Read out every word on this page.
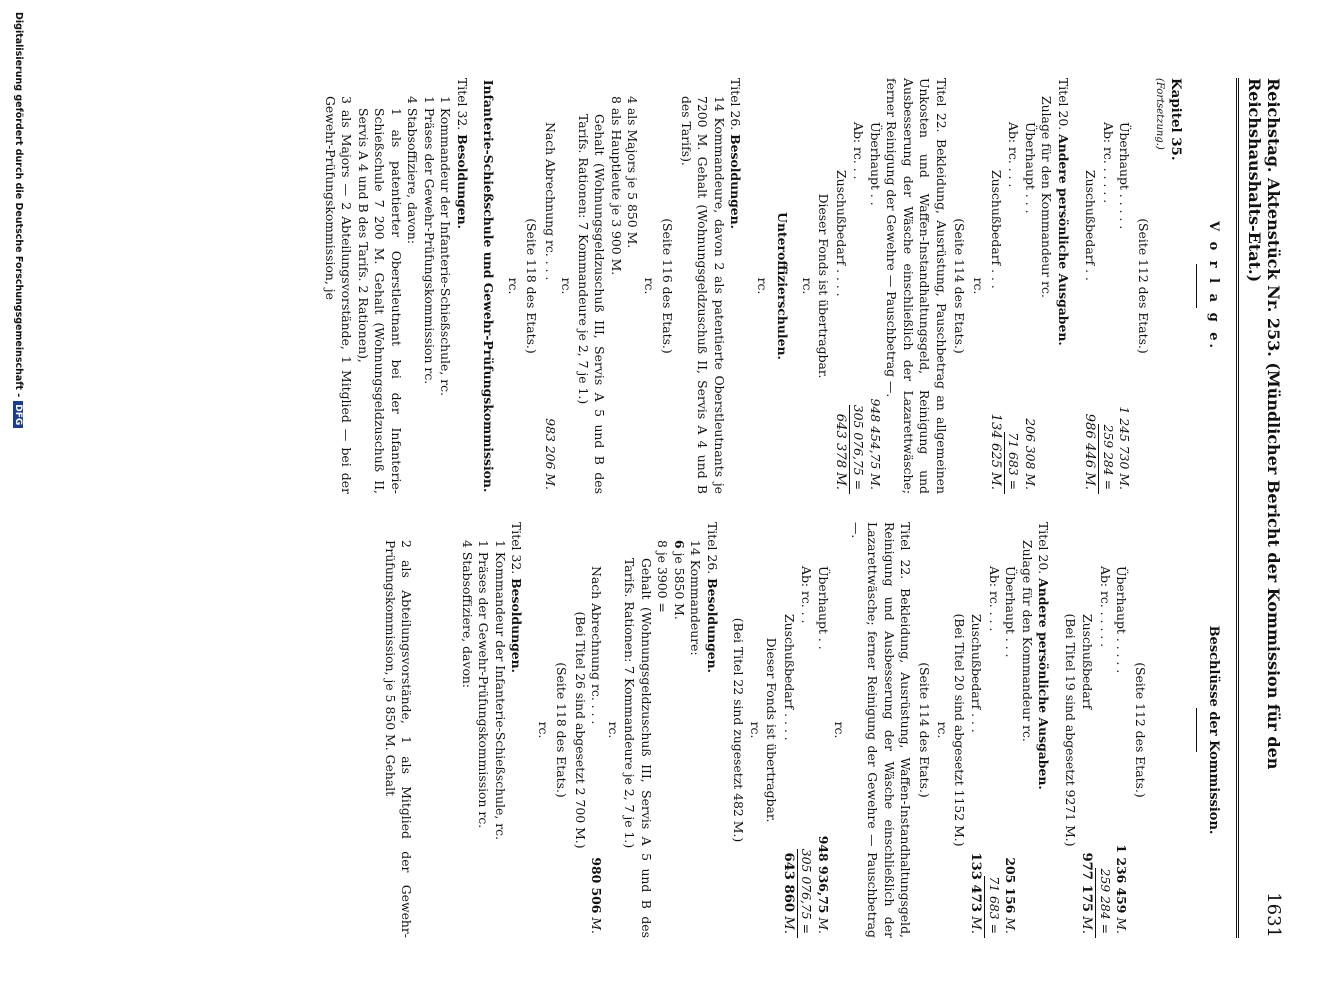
Reichstag. Aktenstück Nr. 253. (Mündlicher Bericht der Kommission für den Reichshaushalts-Etat.)
1631
V o r l a g e.
Kapitel 35.
(Fortsetzung.)
(Seite 112 des Etats.)
Überhaupt . . . . .
1 245 730 M.
Ab: rc. . . . . .
259 284 =
Zuschußbedarf . .
986 446 M.
Titel 20. Andere persönliche Ausgaben.
Zulage für den Kommandeur rc.
Überhaupt . . .
206 308 M.
Ab: rc. . . .
71 683 =
Zuschußbedarf . . .
134 625 M.
rc.
(Seite 114 des Etats.)
Titel 22. Bekleidung, Ausrüstung, Pauschbetrag an allgemeinen Unkosten und Waffen-Instandhaltungsgeld, Reinigung und Ausbesserung der Wäsche einschließlich der Lazarettwäsche; ferner Reinigung der Gewehre — Pauschbetrag —.
Überhaupt . .
948 454,75 M.
Ab: rc. . .
305 076,75 =
Zuschußbedarf . . . .
643 378 M.
Dieser Fonds ist übertragbar.
rc.
Unteroffizierschulen.
rc.
Titel 26. Besoldungen.
14 Kommandeure, davon 2 als patentierte Oberstleutnants je 7200 M. Gehalt (Wohnungsgeldzuschuß II, Servis A 4 und B des Tarifs).
(Seite 116 des Etats.)
rc.
4 als Majors je 5 850 M.
8 als Hauptleute je 3 900 M.
Gehalt (Wohnungsgeldzuschuß III, Servis A 5 und B des Tarifs. Rationen: 7 Kommandeure je 2, 7 je 1.)
rc.
Nach Abrechnung rc. . . .
983 206 M.
(Seite 118 des Etats.)
rc.
Infanterie-Schießschule und Gewehr-Prüfungskommission.
Titel 32. Besoldungen.
1 Kommandeur der Infanterie-Schießschule, rc.
1 Präses der Gewehr-Prüfungskommission rc.
4 Stabsoffiziere, davon:
1 als patentierter Oberstleutnant bei der Infanterie-Schießschule 7 200 M. Gehalt (Wohnungsgeldzuschuß II, Servis A 4 und B des Tarifs. 2 Rationen),
3 als Majors — 2 Abteilungsvorstände, 1 Mitglied — bei der Gewehr-Prüfungskommission, je
Beschlüsse der Kommission.
(Seite 112 des Etats.)
Überhaupt . . . . .
1 236 459 M.
Ab: rc. . . . . .
259 284 =
Zuschußbedarf
977 175 M.
(Bei Titel 19 sind abgesetzt 9271 M.)
Titel 20. Andere persönliche Ausgaben.
Zulage für den Kommandeur rc.
Überhaupt . . .
205 156 M.
Ab: rc. . . .
71 683 =
Zuschußbedarf . . .
133 473 M.
(Bei Titel 20 sind abgesetzt 1152 M.)
rc.
(Seite 114 des Etats.)
Titel 22. Bekleidung, Ausrüstung, Waffen-Instandhaltungsgeld, Reinigung und Ausbesserung der Wäsche einschließlich der Lazarettwäsche; ferner Reinigung der Gewehre — Pauschbetrag —.
rc.
Überhaupt . .
948 936,75 M.
Ab: rc. . .
305 076,75 =
Zuschußbedarf . . . .
643 860 M.
Dieser Fonds ist übertragbar.
rc.
(Bei Titel 22 sind zugesetzt 482 M.)
Titel 26. Besoldungen.
14 Kommandeure:
6 je 5850 M.
8 je 3900 =
Gehalt (Wohnungsgeldzuschuß III, Servis A 5 und B des Tarifs. Rationen: 7 Kommandeure je 2, 7 je 1.)
rc.
Nach Abrechnung rc. . . .
980 506 M.
(Bei Titel 26 sind abgesetzt 2 700 M.)
(Seite 118 des Etats.)
rc.
Titel 32. Besoldungen.
1 Kommandeur der Infanterie-Schießschule, rc.
1 Präses der Gewehr-Prüfungskommission rc.
4 Stabsoffiziere, davon:
2 als Abteilungsvorstände, 1 als Mitglied der Gewehr-Prüfungskommission, je 5 850 M. Gehalt
Digitalisierung gefördert durch die Deutsche Forschungsgemeinschaft -DFG
